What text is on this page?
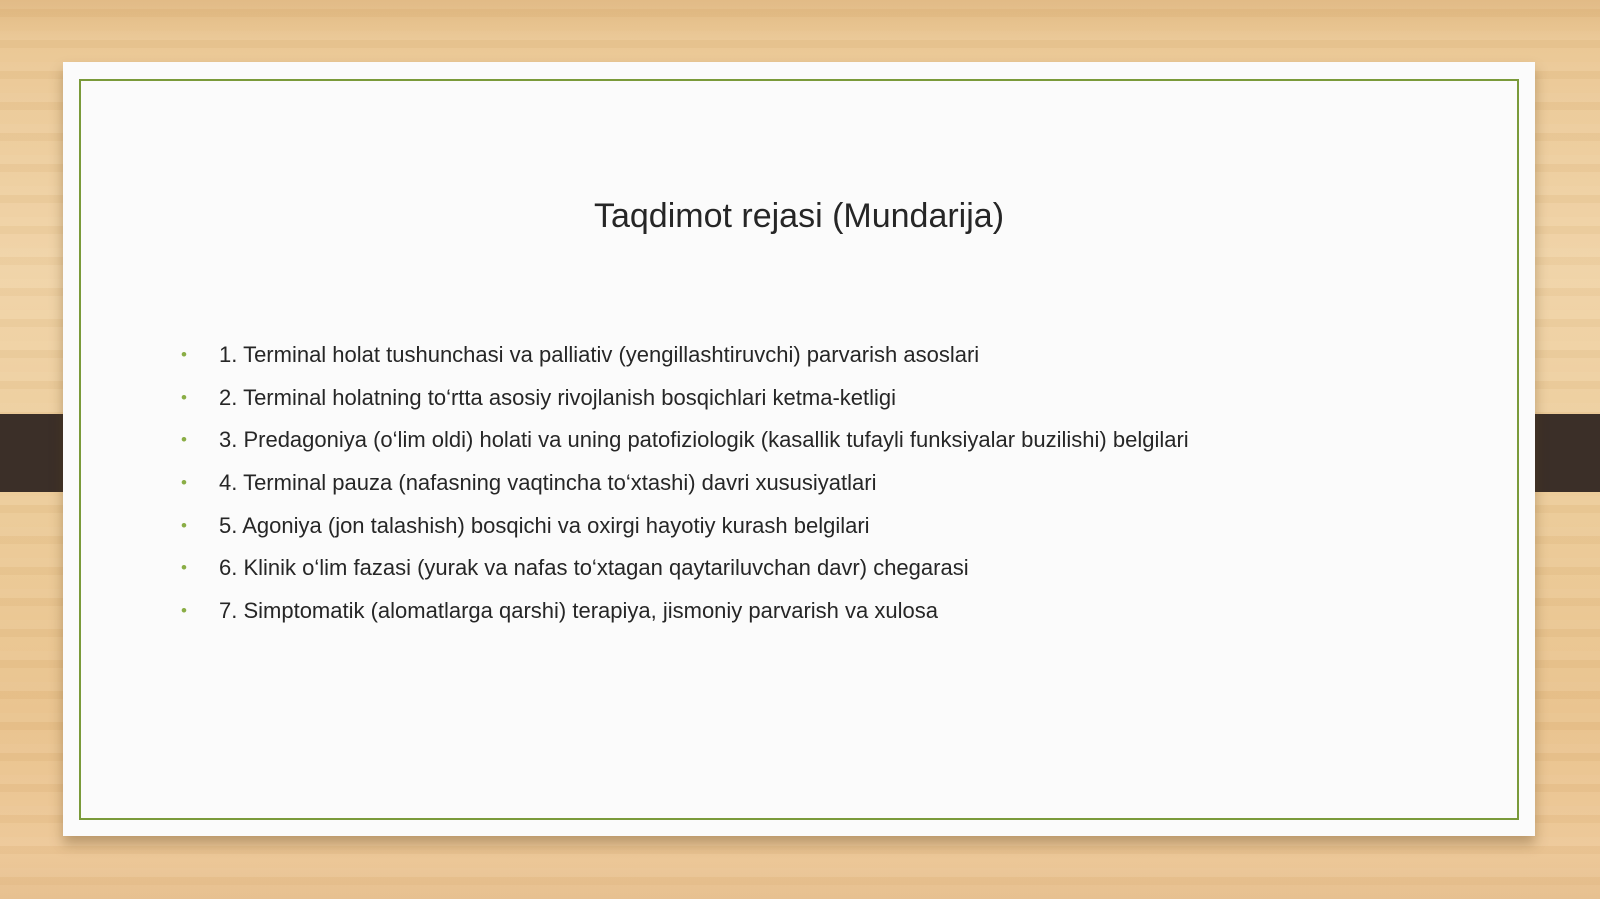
Taqdimot rejasi (Mundarija)
• 1. Terminal holat tushunchasi va palliativ (yengillashtiruvchi) parvarish asoslari
• 2. Terminal holatning to‘rtta asosiy rivojlanish bosqichlari ketma-ketligi
• 3. Predagoniya (o‘lim oldi) holati va uning patofiziologik (kasallik tufayli funksiyalar buzilishi) belgilari
• 4. Terminal pauza (nafasning vaqtincha to‘xtashi) davri xususiyatlari
• 5. Agoniya (jon talashish) bosqichi va oxirgi hayotiy kurash belgilari
• 6. Klinik o‘lim fazasi (yurak va nafas to‘xtagan qaytariluvchan davr) chegarasi
• 7. Simptomatik (alomatlarga qarshi) terapiya, jismoniy parvarish va xulosa
